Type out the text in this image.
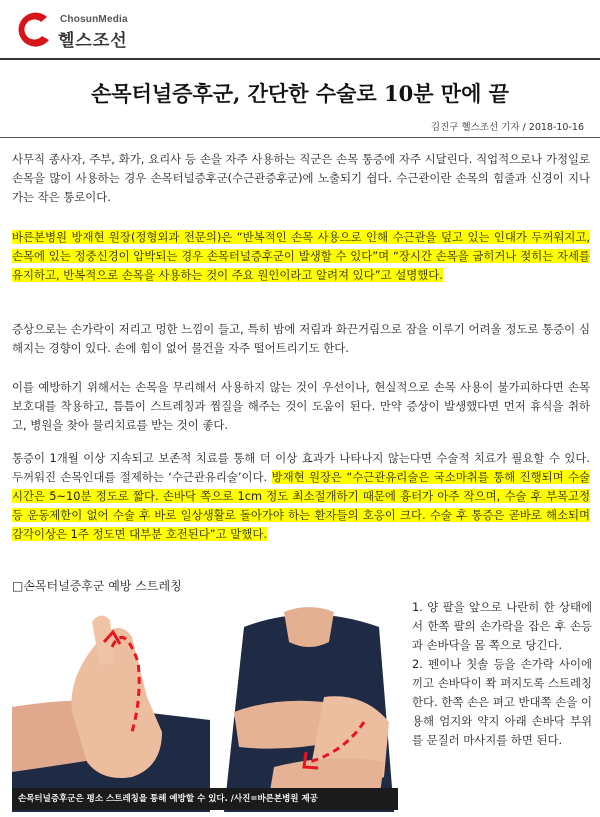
ChosunMedia
헬스조선
손목터널증후군, 간단한 수술로 10분 만에 끝
김진구 헬스조선 기자 / 2018-10-16

사무직 종사자, 주부, 화가, 요리사 등 손을 자주 사용하는 직군은 손목 통증에 자주 시달린다. 직업적으로나 가정일로 손목을 많이 사용하는 경우 손목터널증후군(수근관증후군)에 노출되기 쉽다. 수근관이란 손목의 힘줄과 신경이 지나가는 작은 통로이다.

바른본병원 방재현 원장(정형외과 전문의)은 “반복적인 손목 사용으로 인해 수근관을 덮고 있는 인대가 두꺼워지고, 손목에 있는 정중신경이 압박되는 경우 손목터널증후군이 발생할 수 있다”며 “장시간 손목을 굽히거나 젖히는 자세를 유지하고, 반복적으로 손목을 사용하는 것이 주요 원인이라고 알려져 있다”고 설명했다.

증상으로는 손가락이 저리고 멍한 느낌이 들고, 특히 밤에 저림과 화끈거림으로 잠을 이루기 어려울 정도로 통증이 심해지는 경향이 있다. 손에 힘이 없어 물건을 자주 떨어트리기도 한다.

이를 예방하기 위해서는 손목을 무리해서 사용하지 않는 것이 우선이나, 현실적으로 손목 사용이 불가피하다면 손목보호대를 착용하고, 틈틈이 스트레칭과 찜질을 해주는 것이 도움이 된다. 만약 증상이 발생했다면 먼저 휴식을 취하고, 병원을 찾아 물리치료를 받는 것이 좋다.

통증이 1개월 이상 지속되고 보존적 치료를 통해 더 이상 효과가 나타나지 않는다면 수술적 치료가 필요할 수 있다. 두꺼워진 손목인대를 절제하는 ‘수근관유리술’이다. 방재현 원장은 “수근관유리술은 국소마취를 통해 진행되며 수술시간은 5~10분 정도로 짧다. 손바닥 쪽으로 1cm 정도 최소절개하기 때문에 흉터가 아주 작으며, 수술 후 부목고정 등 운동제한이 없어 수술 후 바로 일상생활로 돌아가야 하는 환자들의 호응이 크다. 수술 후 통증은 곧바로 해소되며 감각이상은 1주 정도면 대부분 호전된다”고 말했다.

□손목터널증후군 예방 스트레칭
손목터널증후군은 평소 스트레칭을 통해 예방할 수 있다. /사진=바른본병원 제공

1. 양 팔을 앞으로 나란히 한 상태에서 한쪽 팔의 손가락을 잡은 후 손등과 손바닥을 몸 쪽으로 당긴다.

2. 펜이나 칫솔 등을 손가락 사이에 끼고 손바닥이 쫙 펴지도록 스트레칭한다. 한쪽 손은 펴고 반대쪽 손을 이용해 엄지와 약지 아래 손바닥 부위를 문질러 마사지를 하면 된다.
